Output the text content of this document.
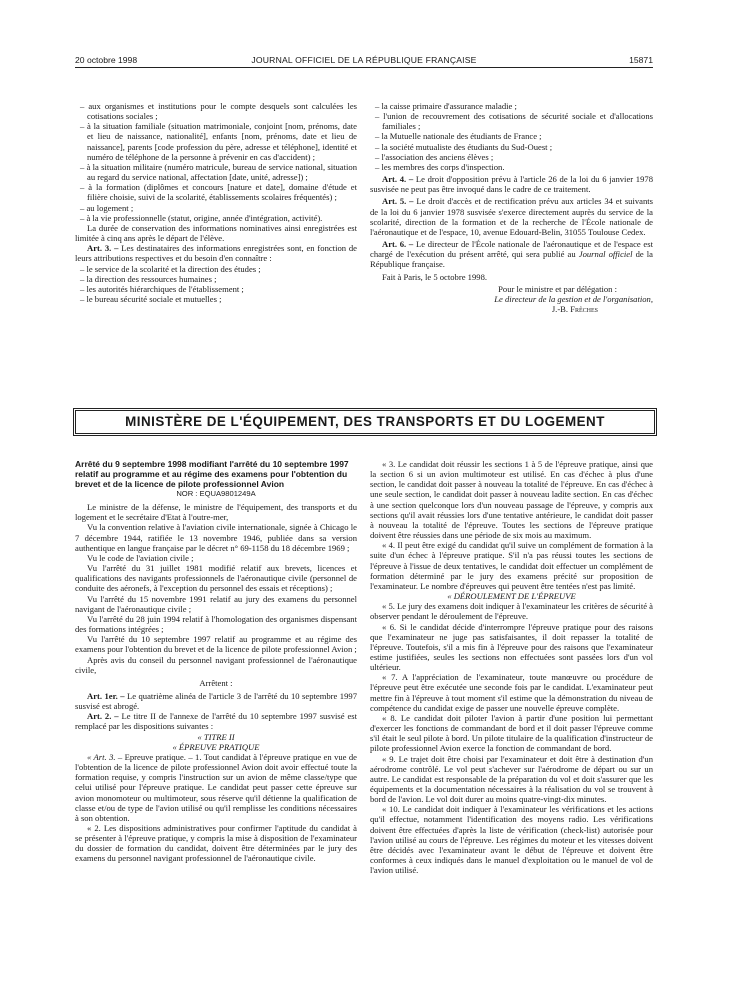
20 octobre 1998	JOURNAL OFFICIEL DE LA RÉPUBLIQUE FRANÇAISE	15871

– aux organismes et institutions pour le compte desquels sont calculées les cotisations sociales ;

– à la situation familiale (situation matrimoniale, conjoint [nom, prénoms, date et lieu de naissance, nationalité], enfants [nom, prénoms, date et lieu de naissance], parents [code profession du père, adresse et téléphone], identité et numéro de téléphone de la personne à prévenir en cas d'accident) ;

– à la situation militaire (numéro matricule, bureau de service national, situation au regard du service national, affectation [date, unité, adresse]) ;

– à la formation (diplômes et concours [nature et date], domaine d'étude et filière choisie, suivi de la scolarité, établissements scolaires fréquentés) ;

– au logement ;

– à la vie professionnelle (statut, origine, année d'intégration, activité).

La durée de conservation des informations nominatives ainsi enregistrées est limitée à cinq ans après le départ de l'élève.

Art. 3. – Les destinataires des informations enregistrées sont, en fonction de leurs attributions respectives et du besoin d'en connaître :

– le service de la scolarité et la direction des études ;

– la direction des ressources humaines ;

– les autorités hiérarchiques de l'établissement ;

– le bureau sécurité sociale et mutuelles ;

– la caisse primaire d'assurance maladie ;

– l'union de recouvrement des cotisations de sécurité sociale et d'allocations familiales ;

– la Mutuelle nationale des étudiants de France ;

– la société mutualiste des étudiants du Sud-Ouest ;

– l'association des anciens élèves ;

– les membres des corps d'inspection.

Art. 4. – Le droit d'opposition prévu à l'article 26 de la loi du 6 janvier 1978 susvisée ne peut pas être invoqué dans le cadre de ce traitement.

Art. 5. – Le droit d'accès et de rectification prévu aux articles 34 et suivants de la loi du 6 janvier 1978 susvisée s'exerce directement auprès du service de la scolarité, direction de la formation et de la recherche de l'École nationale de l'aéronautique et de l'espace, 10, avenue Edouard-Belin, 31055 Toulouse Cedex.

Art. 6. – Le directeur de l'École nationale de l'aéronautique et de l'espace est chargé de l'exécution du présent arrêté, qui sera publié au Journal officiel de la République française.

Fait à Paris, le 5 octobre 1998.

Pour le ministre et par délégation :

Le directeur de la gestion et de l'organisation,

J.-B. Frêches

MINISTÈRE DE L'ÉQUIPEMENT, DES TRANSPORTS ET DU LOGEMENT

Arrêté du 9 septembre 1998 modifiant l'arrêté du 10 septembre 1997 relatif au programme et au régime des examens pour l'obtention du brevet et de la licence de pilote professionnel Avion

NOR : EQUA9801249A

Le ministre de la défense, le ministre de l'équipement, des transports et du logement et le secrétaire d'Etat à l'outre-mer,

Vu la convention relative à l'aviation civile internationale, signée à Chicago le 7 décembre 1944, ratifiée le 13 novembre 1946, publiée dans sa version authentique en langue française par le décret n° 69-1158 du 18 décembre 1969 ;

Vu le code de l'aviation civile ;

Vu l'arrêté du 31 juillet 1981 modifié relatif aux brevets, licences et qualifications des navigants professionnels de l'aéronautique civile (personnel de conduite des aéronefs, à l'exception du personnel des essais et réceptions) ;

Vu l'arrêté du 15 novembre 1991 relatif au jury des examens du personnel navigant de l'aéronautique civile ;

Vu l'arrêté du 28 juin 1994 relatif à l'homologation des organismes dispensant des formations intégrées ;

Vu l'arrêté du 10 septembre 1997 relatif au programme et au régime des examens pour l'obtention du brevet et de la licence de pilote professionnel Avion ;

Après avis du conseil du personnel navigant professionnel de l'aéronautique civile,

Arrêtent :

Art. 1er. – Le quatrième alinéa de l'article 3 de l'arrêté du 10 septembre 1997 susvisé est abrogé.

Art. 2. – Le titre II de l'annexe de l'arrêté du 10 septembre 1997 susvisé est remplacé par les dispositions suivantes :

« TITRE II

« ÉPREUVE PRATIQUE

« Art. 3. – Epreuve pratique. – 1. Tout candidat à l'épreuve pratique en vue de l'obtention de la licence de pilote professionnel Avion doit avoir effectué toute la formation requise, y compris l'instruction sur un avion de même classe/type que celui utilisé pour l'épreuve pratique. Le candidat peut passer cette épreuve sur avion monomoteur ou multimoteur, sous réserve qu'il détienne la qualification de classe et/ou de type de l'avion utilisé ou qu'il remplisse les conditions nécessaires à son obtention.

« 2. Les dispositions administratives pour confirmer l'aptitude du candidat à se présenter à l'épreuve pratique, y compris la mise à disposition de l'examinateur du dossier de formation du candidat, doivent être déterminées par le jury des examens du personnel navigant professionnel de l'aéronautique civile.

« 3. Le candidat doit réussir les sections 1 à 5 de l'épreuve pratique, ainsi que la section 6 si un avion multimoteur est utilisé. En cas d'échec à plus d'une section, le candidat doit passer à nouveau la totalité de l'épreuve. En cas d'échec à une seule section, le candidat doit passer à nouveau ladite section. En cas d'échec à une section quelconque lors d'un nouveau passage de l'épreuve, y compris aux sections qu'il avait réussies lors d'une tentative antérieure, le candidat doit passer à nouveau la totalité de l'épreuve. Toutes les sections de l'épreuve pratique doivent être réussies dans une période de six mois au maximum.

« 4. Il peut être exigé du candidat qu'il suive un complément de formation à la suite d'un échec à l'épreuve pratique. S'il n'a pas réussi toutes les sections de l'épreuve à l'issue de deux tentatives, le candidat doit effectuer un complément de formation déterminé par le jury des examens précité sur proposition de l'examinateur. Le nombre d'épreuves qui peuvent être tentées n'est pas limité.

« DÉROULEMENT DE L'ÉPREUVE

« 5. Le jury des examens doit indiquer à l'examinateur les critères de sécurité à observer pendant le déroulement de l'épreuve.

« 6. Si le candidat décide d'interrompre l'épreuve pratique pour des raisons que l'examinateur ne juge pas satisfaisantes, il doit repasser la totalité de l'épreuve. Toutefois, s'il a mis fin à l'épreuve pour des raisons que l'examinateur estime justifiées, seules les sections non effectuées sont passées lors d'un vol ultérieur.

« 7. A l'appréciation de l'examinateur, toute manœuvre ou procédure de l'épreuve peut être exécutée une seconde fois par le candidat. L'examinateur peut mettre fin à l'épreuve à tout moment s'il estime que la démonstration du niveau de compétence du candidat exige de passer une nouvelle épreuve complète.

« 8. Le candidat doit piloter l'avion à partir d'une position lui permettant d'exercer les fonctions de commandant de bord et il doit passer l'épreuve comme s'il était le seul pilote à bord. Un pilote titulaire de la qualification d'instructeur de pilote professionnel Avion exerce la fonction de commandant de bord.

« 9. Le trajet doit être choisi par l'examinateur et doit être à destination d'un aérodrome contrôlé. Le vol peut s'achever sur l'aérodrome de départ ou sur un autre. Le candidat est responsable de la préparation du vol et doit s'assurer que les équipements et la documentation nécessaires à la réalisation du vol se trouvent à bord de l'avion. Le vol doit durer au moins quatre-vingt-dix minutes.

« 10. Le candidat doit indiquer à l'examinateur les vérifications et les actions qu'il effectue, notamment l'identification des moyens radio. Les vérifications doivent être effectuées d'après la liste de vérification (check-list) autorisée pour l'avion utilisé au cours de l'épreuve. Les régimes du moteur et les vitesses doivent être décidés avec l'examinateur avant le début de l'épreuve et doivent être conformes à ceux indiqués dans le manuel d'exploitation ou le manuel de vol de l'avion utilisé.
